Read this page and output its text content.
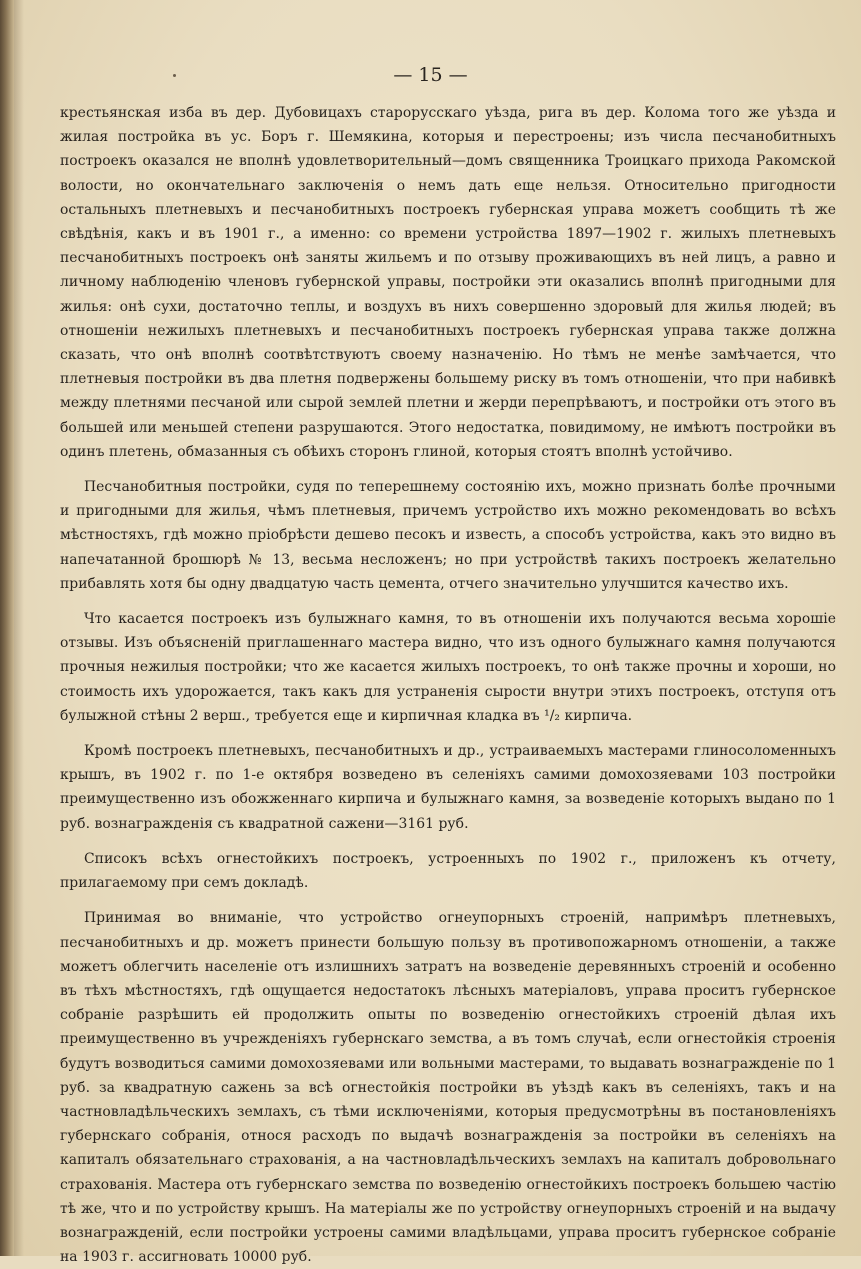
— 15 —

крестьянская изба въ дер. Дубовицахъ старорусскаго уѣзда, рига въ дер. Колома того же уѣзда и жилая постройка въ ус. Боръ г. Шемякина, которыя и перестроены; изъ числа песчанобитныхъ построекъ оказался не вполнѣ удовлетворительный—домъ священника Троицкаго прихода Ракомской волости, но окончательнаго заключенія о немъ дать еще нельзя. Относительно пригодности остальныхъ плетневыхъ и песчанобитныхъ построекъ губернская управа можетъ сообщить тѣ же свѣдѣнія, какъ и въ 1901 г., а именно: со времени устройства 1897—1902 г. жилыхъ плетневыхъ песчанобитныхъ построекъ онѣ заняты жильемъ и по отзыву проживающихъ въ ней лицъ, а равно и личному наблюденію членовъ губернской управы, постройки эти оказались вполнѣ пригодными для жилья: онѣ сухи, достаточно теплы, и воздухъ въ нихъ совершенно здоровый для жилья людей; въ отношеніи нежилыхъ плетневыхъ и песчанобитныхъ построекъ губернская управа также должна сказать, что онѣ вполнѣ соотвѣтствуютъ своему назначенію. Но тѣмъ не менѣе замѣчается, что плетневыя постройки въ два плетня подвержены большему риску въ томъ отношеніи, что при набивкѣ между плетнями песчаной или сырой землей плетни и жерди перепрѣваютъ, и постройки отъ этого въ большей или меньшей степени разрушаются. Этого недостатка, повидимому, не имѣютъ постройки въ одинъ плетень, обмазанныя съ обѣихъ сторонъ глиной, которыя стоятъ вполнѣ устойчиво.

Песчанобитныя постройки, судя по теперешнему состоянію ихъ, можно признать болѣе прочными и пригодными для жилья, чѣмъ плетневыя, причемъ устройство ихъ можно рекомендовать во всѣхъ мѣстностяхъ, гдѣ можно пріобрѣсти дешево песокъ и известь, а способъ устройства, какъ это видно въ напечатанной брошюрѣ № 13, весьма несложенъ; но при устройствѣ такихъ построекъ желательно прибавлять хотя бы одну двадцатую часть цемента, отчего значительно улучшится качество ихъ.

Что касается построекъ изъ булыжнаго камня, то въ отношеніи ихъ получаются весьма хорошіе отзывы. Изъ объясненій приглашеннаго мастера видно, что изъ одного булыжнаго камня получаются прочныя нежилыя постройки; что же касается жилыхъ построекъ, то онѣ также прочны и хороши, но стоимость ихъ удорожается, такъ какъ для устраненія сырости внутри этихъ построекъ, отступя отъ булыжной стѣны 2 верш., требуется еще и кирпичная кладка въ ¹/₂ кирпича.

Кромѣ построекъ плетневыхъ, песчанобитныхъ и др., устраиваемыхъ мастерами глиносоломенныхъ крышъ, въ 1902 г. по 1-е октября возведено въ селеніяхъ самими домохозяевами 103 постройки преимущественно изъ обожженнаго кирпича и булыжнаго камня, за возведеніе которыхъ выдано по 1 руб. вознагражденія съ квадратной сажени—3161 руб.

Списокъ всѣхъ огнестойкихъ построекъ, устроенныхъ по 1902 г., приложенъ къ отчету, прилагаемому при семъ докладѣ.

Принимая во вниманіе, что устройство огнеупорныхъ строеній, напримѣръ плетневыхъ, песчанобитныхъ и др. можетъ принести большую пользу въ противопожарномъ отношеніи, а также можетъ облегчить населеніе отъ излишнихъ затратъ на возведеніе деревянныхъ строеній и особенно въ тѣхъ мѣстностяхъ, гдѣ ощущается недостатокъ лѣсныхъ матеріаловъ, управа проситъ губернское собраніе разрѣшить ей продолжить опыты по возведенію огнестойкихъ строеній дѣлая ихъ преимущественно въ учрежденіяхъ губернскаго земства, а въ томъ случаѣ, если огнестойкія строенія будутъ возводиться самими домохозяевами или вольными мастерами, то выдавать вознагражденіе по 1 руб. за квадратную сажень за всѣ огнестойкія постройки въ уѣздѣ какъ въ селеніяхъ, такъ и на частновладѣльческихъ землахъ, съ тѣми исключеніями, которыя предусмотрѣны въ постановленіяхъ губернскаго собранія, относя расходъ по выдачѣ вознагражденія за постройки въ селеніяхъ на капиталъ обязательнаго страхованія, а на частновладѣльческихъ землахъ на капиталъ добровольнаго страхованія. Мастера отъ губернскаго земства по возведенію огнестойкихъ построекъ большею частію тѣ же, что и по устройству крышъ. На матеріалы же по устройству огнеупорныхъ строеній и на выдачу вознагражденій, если постройки устроены самими владѣльцами, управа проситъ губернское собраніе на 1903 г. ассигновать 10000 руб.
